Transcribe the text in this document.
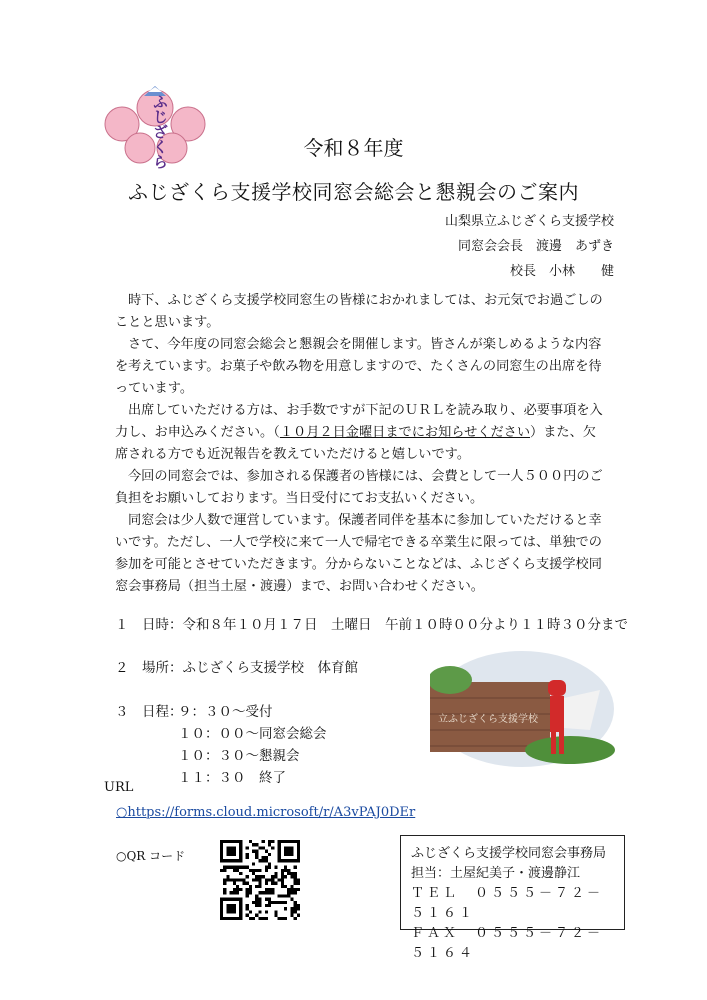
ふじざくら	令和８年度
ふじざくら支援学校同窓会総会と懇親会のご案内
山梨県立ふじざくら支援学校
同窓会会長　渡邊　あずき
校長　小林　　健

時下、ふじざくら支援学校同窓生の皆様におかれましては、お元気でお過ごしのことと思います。

さて、今年度の同窓会総会と懇親会を開催します。皆さんが楽しめるような内容を考えています。お菓子や飲み物を用意しますので、たくさんの同窓生の出席を待っています。

出席していただける方は、お手数ですが下記のＵＲＬを読み取り、必要事項を入力し、お申込みください。（１０月２日金曜日までにお知らせください）また、欠席される方でも近況報告を教えていただけると嬉しいです。

今回の同窓会では、参加される保護者の皆様には、会費として一人５００円のご負担をお願いしております。当日受付にてお支払いください。

同窓会は少人数で運営しています。保護者同伴を基本に参加していただけると幸いです。ただし、一人で学校に来て一人で帰宅できる卒業生に限っては、単独での参加を可能とさせていただきます。分からないことなどは、ふじざくら支援学校同窓会事務局（担当土屋・渡邊）まで、お問い合わせください。

１　日時：令和８年１０月１７日　土曜日　午前１０時００分より１１時３０分まで
２　場所：ふじざくら支援学校　体育館
３　日程：
９：３０～受付
１０：００～同窓会総会
１０：３０～懇親会
１１：３０　終了
立ふじざくら支援学校
URL
○https://forms.cloud.microsoft/r/A3vPAJ0DEr
○QR コード	ふじざくら支援学校同窓会事務局
担当：土屋紀美子・渡邊静江
ＴＥＬ　０５５５－７２－５１６１
ＦＡＸ　０５５５－７２－５１６４
